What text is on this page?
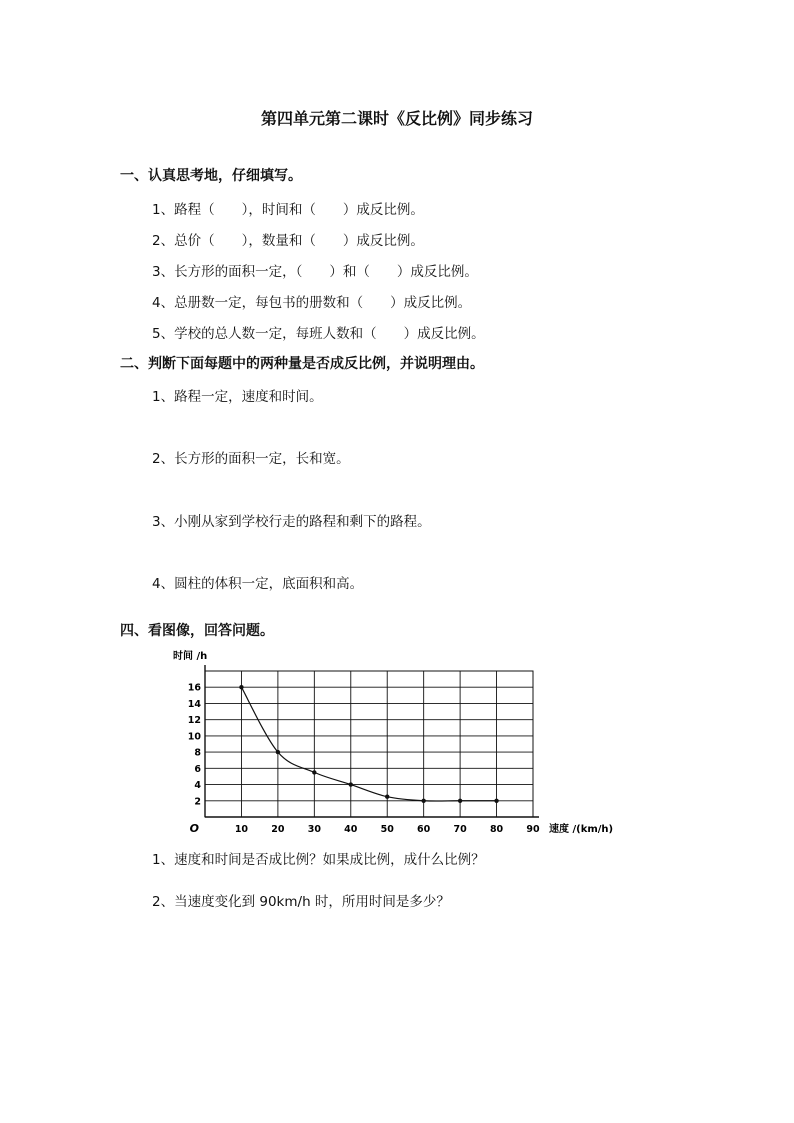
第四单元第二课时《反比例》同步练习
一、认真思考地，仔细填写。
1、路程（　　），时间和（　　）成反比例。
2、总价（　　），数量和（　　）成反比例。
3、长方形的面积一定，（　　）和（　　）成反比例。
4、总册数一定，每包书的册数和（　　）成反比例。
5、学校的总人数一定，每班人数和（　　）成反比例。
二、判断下面每题中的两种量是否成反比例，并说明理由。
1、路程一定，速度和时间。
2、长方形的面积一定，长和宽。
3、小刚从家到学校行走的路程和剩下的路程。
4、圆柱的体积一定，底面积和高。
四、看图像，回答问题。
2
4
6
8
10
12
14
16
10 20 30 40 50 60 70 80 90
时间 /h
速度 /(km/h)
O
1、速度和时间是否成比例？如果成比例，成什么比例？
2、当速度变化到 90km/h 时，所用时间是多少？
